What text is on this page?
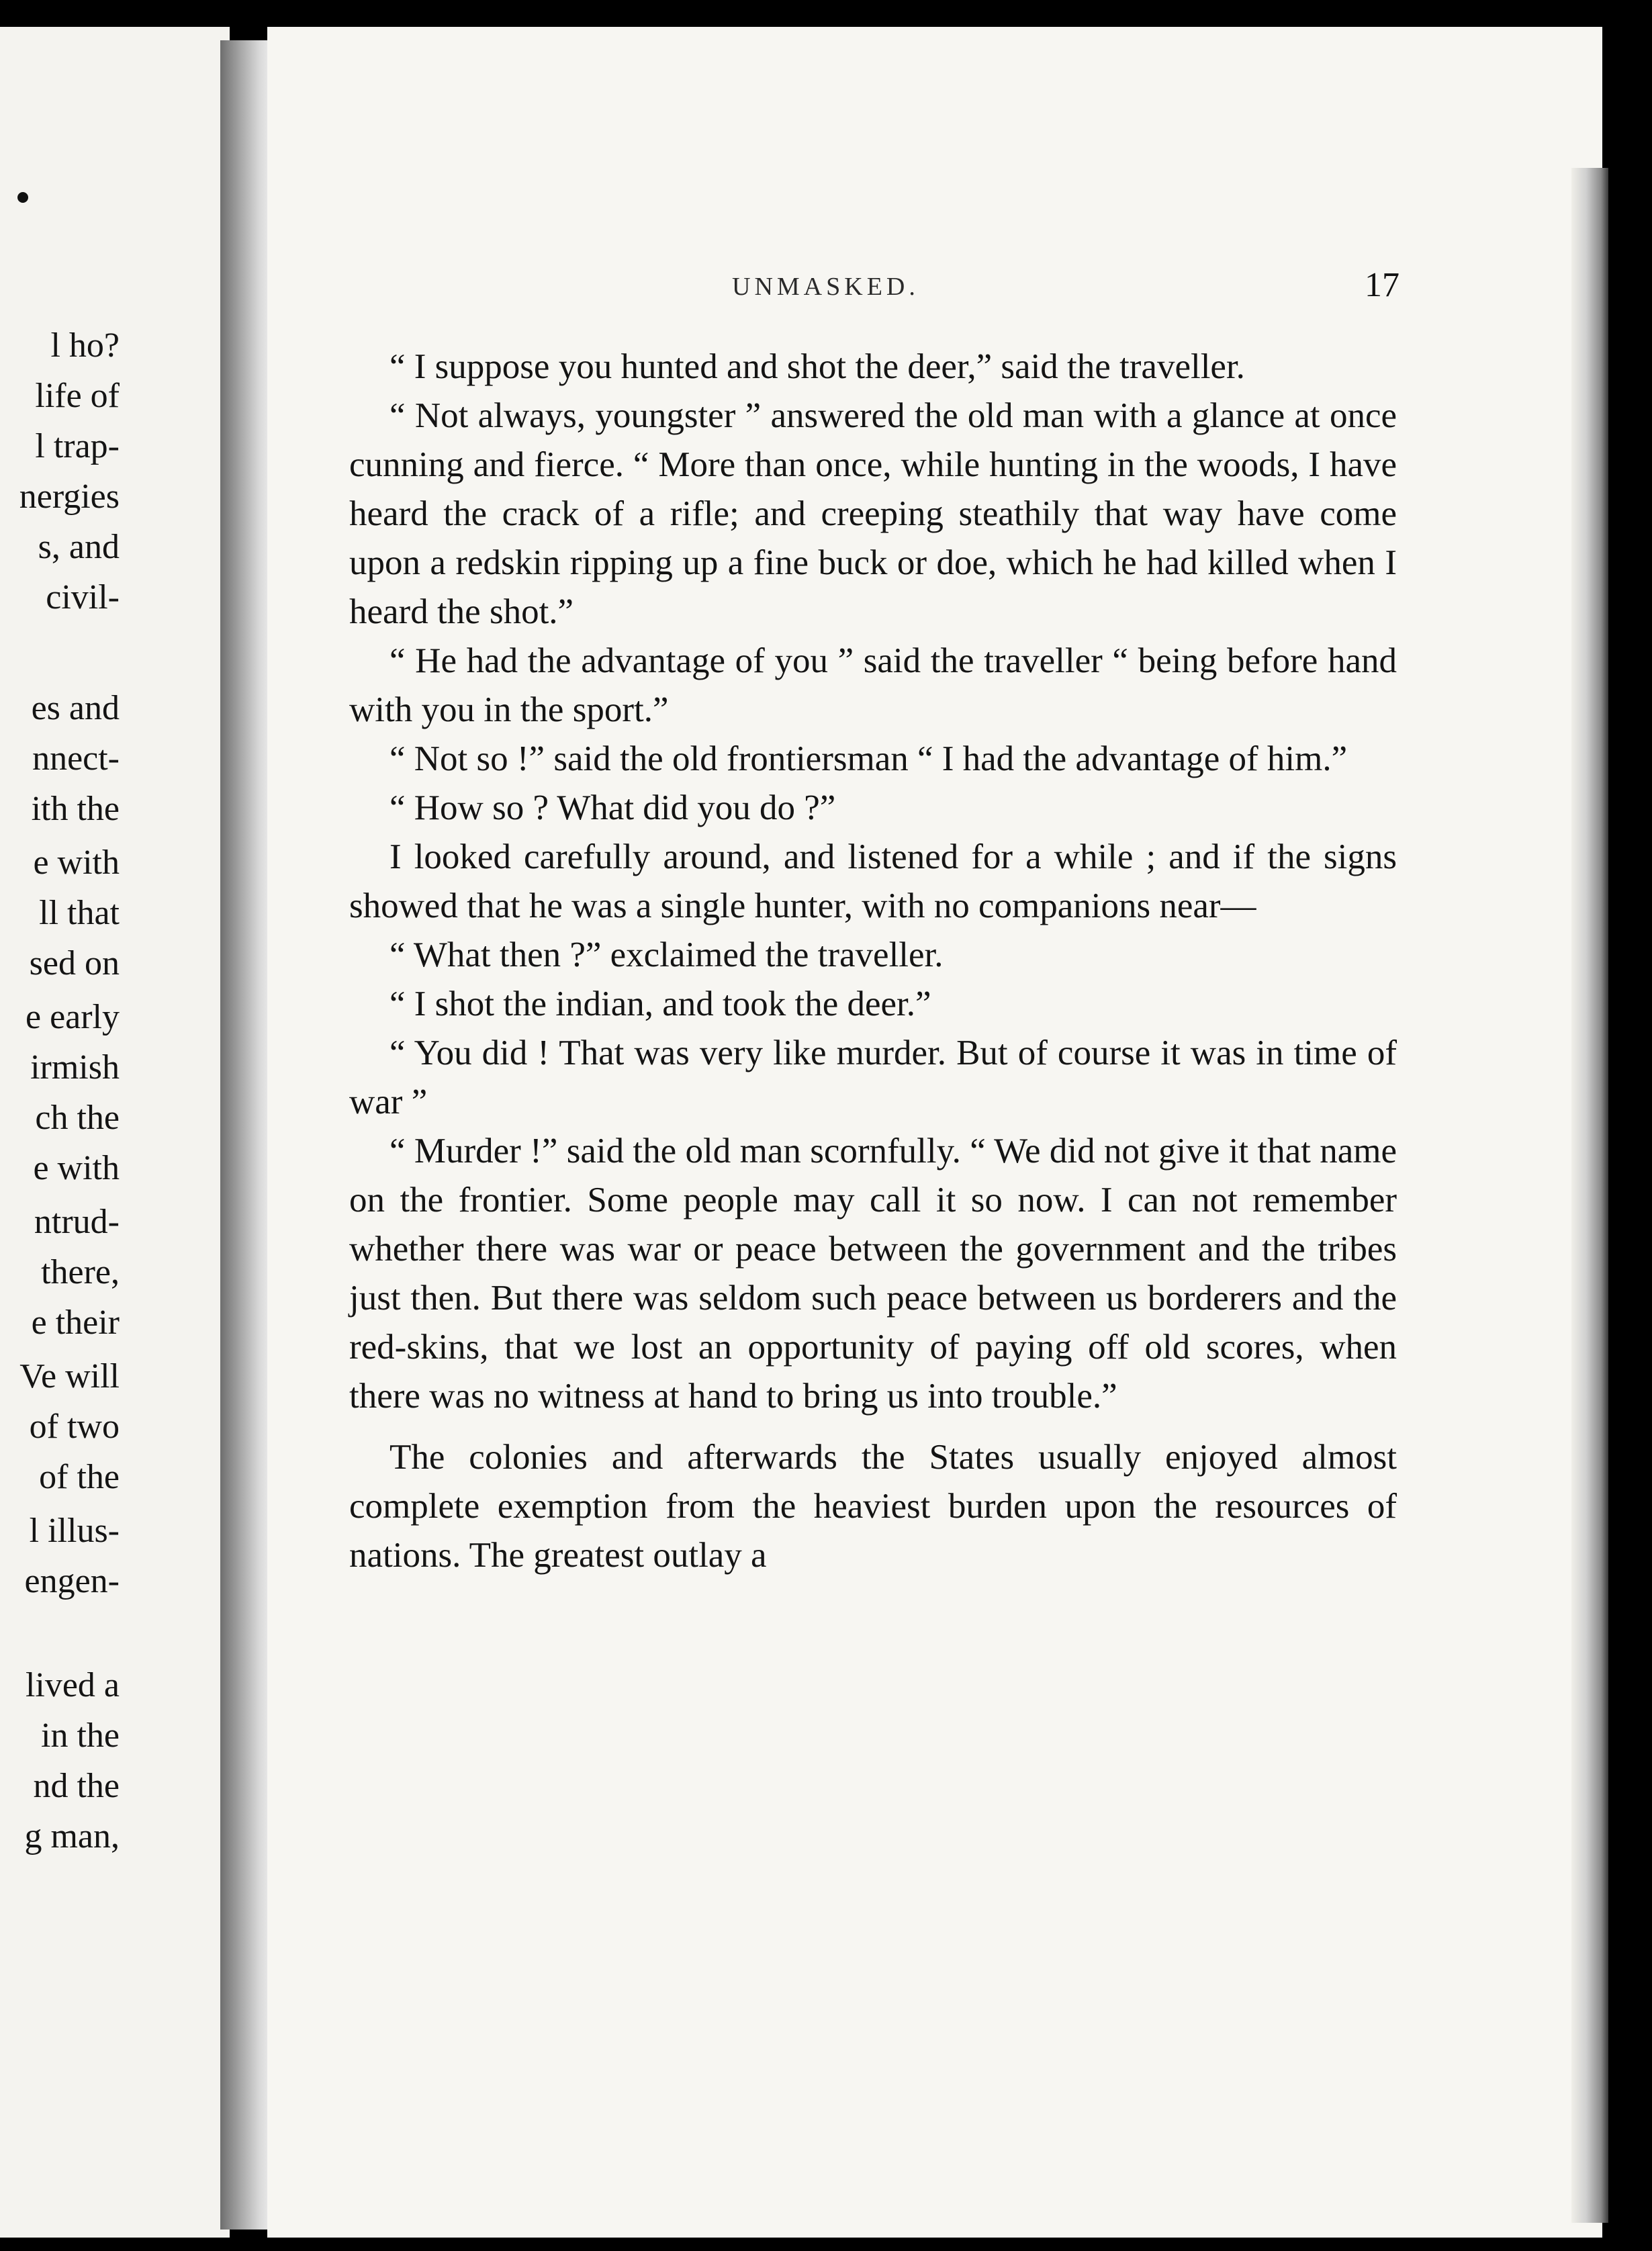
l ho?
life of
l trap-
nergies
s, and
civil-
es and
nnect-
ith the
e with
ll that
sed on
e early
irmish
ch the
e with
ntrud-
there,
e their
Ve will
of two
of the
l illus-
engen-
lived a
in the
nd the
g man,
UNMASKED.	17

“ I suppose you hunted and shot the deer,” said the traveller.

“ Not always, youngster ” answered the old man with a glance at once cunning and fierce. “ More than once, while hunting in the woods, I have heard the crack of a rifle; and creeping steathily that way have come upon a redskin ripping up a fine buck or doe, which he had killed when I heard the shot.”

“ He had the advantage of you ” said the traveller “ being before hand with you in the sport.”

“ Not so !” said the old frontiersman “ I had the advantage of him.”

“ How so ? What did you do ?”

I looked carefully around, and listened for a while ; and if the signs showed that he was a single hunter, with no companions near—

“ What then ?” exclaimed the traveller.

“ I shot the indian, and took the deer.”

“ You did ! That was very like murder. But of course it was in time of war ”

“ Murder !” said the old man scornfully. “ We did not give it that name on the frontier. Some people may call it so now. I can not remember whether there was war or peace between the government and the tribes just then. But there was seldom such peace between us borderers and the red-skins, that we lost an opportunity of paying off old scores, when there was no witness at hand to bring us into trouble.”

The colonies and afterwards the States usually enjoyed almost complete exemption from the heaviest burden upon the resources of nations. The greatest outlay a
